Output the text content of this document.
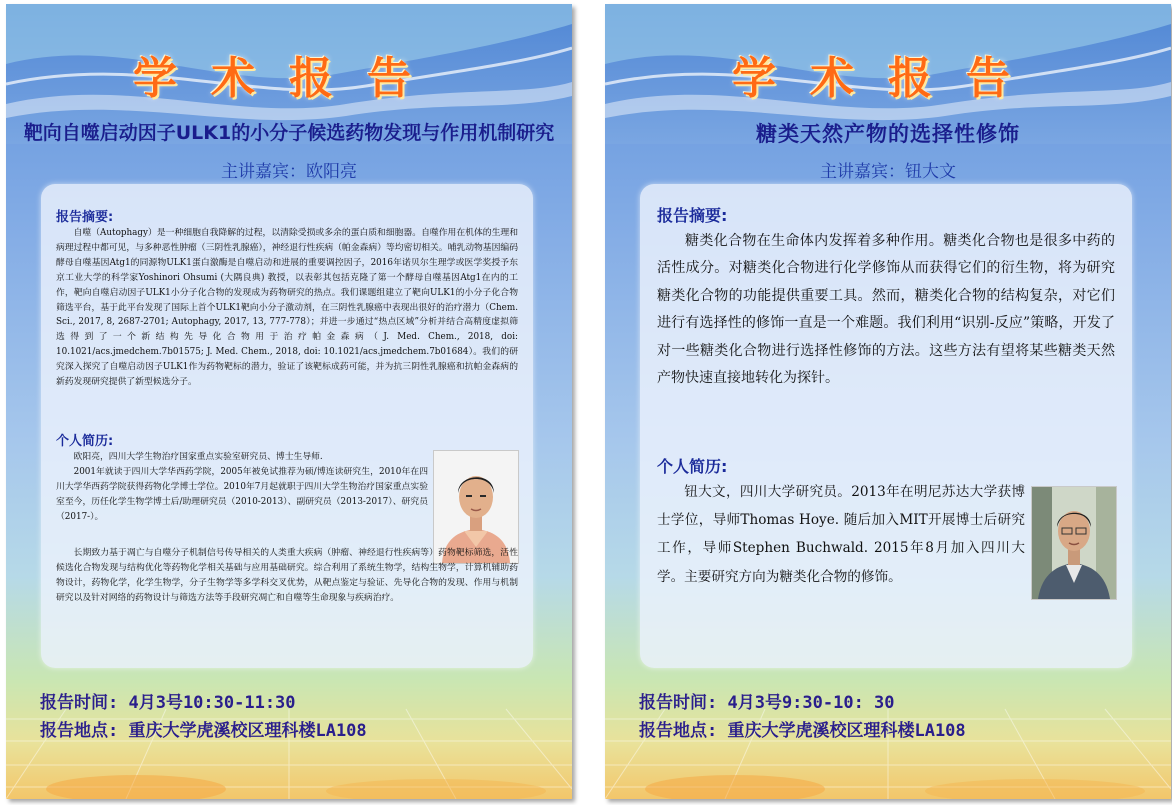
学术报告
靶向自噬启动因子ULK1的小分子候选药物发现与作用机制研究
主讲嘉宾：欧阳亮
报告摘要:
自噬（Autophagy）是一种细胞自我降解的过程，以清除受损或多余的蛋白质和细胞器。自噬作用在机体的生理和病理过程中都可见，与多种恶性肿瘤（三阴性乳腺癌），神经退行性疾病（帕金森病）等均密切相关。哺乳动物基因编码酵母自噬基因Atg1的同源物ULK1蛋白激酶是自噬启动和进展的重要调控因子，2016年诺贝尔生理学或医学奖授予东京工业大学的科学家Yoshinori Ohsumi (大隅良典) 教授，以表彰其包括克隆了第一个酵母自噬基因Atg1在内的工作，靶向自噬启动因子ULK1小分子化合物的发现成为药物研究的热点。我们课题组建立了靶向ULK1的小分子化合物筛选平台，基于此平台发现了国际上首个ULK1靶向小分子激动剂，在三阴性乳腺癌中表现出很好的治疗潜力（Chem. Sci., 2017, 8, 2687-2701; Autophagy, 2017, 13, 777-778）；并进一步通过“热点区域”分析并结合高精度虚拟筛选得到了一个新结构先导化合物用于治疗帕金森病（J. Med. Chem., 2018, doi: 10.1021/acs.jmedchem.7b01575; J. Med. Chem., 2018, doi: 10.1021/acs.jmedchem.7b01684）。我们的研究深入探究了自噬启动因子ULK1作为药物靶标的潜力，验证了该靶标成药可能，并为抗三阴性乳腺癌和抗帕金森病的新药发现研究提供了新型候选分子。
个人简历:
欧阳亮，四川大学生物治疗国家重点实验室研究员、博士生导师.
2001年就读于四川大学华西药学院，2005年被免试推荐为硕/博连读研究生，2010年在四川大学华西药学院获得药物化学博士学位。2010年7月起就职于四川大学生物治疗国家重点实验室至今，历任化学生物学博士后/助理研究员（2010-2013）、副研究员（2013-2017）、研究员（2017-）。
长期致力基于凋亡与自噬分子机制信号传导相关的人类重大疾病（肿瘤、神经退行性疾病等）药物靶标筛选，活性候选化合物发现与结构优化等药物化学相关基础与应用基础研究。综合利用了系统生物学，结构生物学，计算机辅助药物设计，药物化学，化学生物学，分子生物学等多学科交叉优势，从靶点鉴定与验证、先导化合物的发现、作用与机制研究以及针对网络的药物设计与筛选方法等手段研究凋亡和自噬等生命现象与疾病治疗。
报告时间: 4月3号10:30-11:30
报告地点: 重庆大学虎溪校区理科楼LA108
学术报告
糖类天然产物的选择性修饰
主讲嘉宾：钮大文
报告摘要:
糖类化合物在生命体内发挥着多种作用。糖类化合物也是很多中药的活性成分。对糖类化合物进行化学修饰从而获得它们的衍生物，将为研究糖类化合物的功能提供重要工具。然而，糖类化合物的结构复杂，对它们进行有选择性的修饰一直是一个难题。我们利用“识别-反应”策略，开发了对一些糖类化合物进行选择性修饰的方法。这些方法有望将某些糖类天然产物快速直接地转化为探针。
个人简历:
钮大文，四川大学研究员。2013年在明尼苏达大学获博士学位，导师Thomas Hoye. 随后加入MIT开展博士后研究工作，导师Stephen Buchwald. 2015年8月加入四川大学。主要研究方向为糖类化合物的修饰。
报告时间: 4月3号9:30-10: 30
报告地点: 重庆大学虎溪校区理科楼LA108
